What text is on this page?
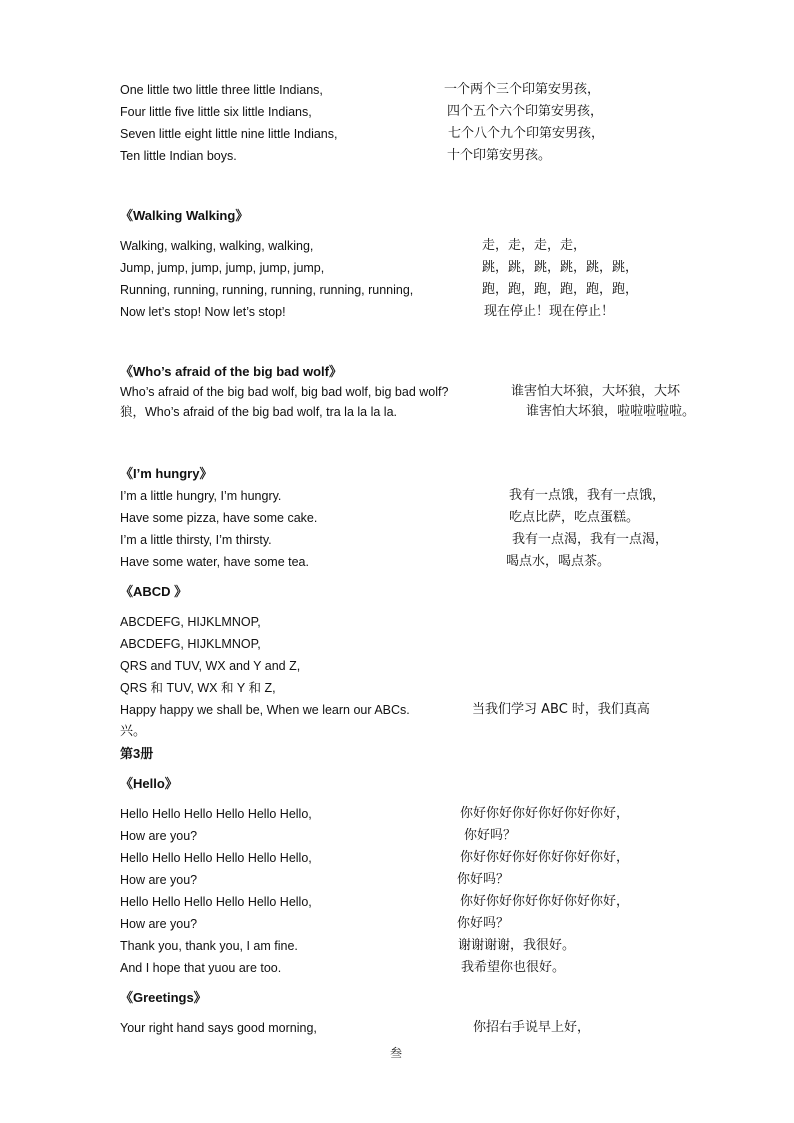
One little two little three little Indians,	一个两个三个印第安男孩，
Four little five little six little Indians,	四个五个六个印第安男孩，
Seven little eight little nine little Indians,	七个八个九个印第安男孩，
Ten little Indian boys.	十个印第安男孩。
《Walking Walking》
Walking, walking, walking, walking,	走，走，走，走，
Jump, jump, jump, jump, jump, jump,	跳，跳，跳，跳，跳，跳，
Running, running, running, running, running, running,	跑，跑，跑，跑，跑，跑，
Now let’s stop! Now let’s stop!	现在停止！现在停止！
《Who’s afraid of the big bad wolf》
Who’s afraid of the big bad wolf, big bad wolf, big bad wolf?	谁害怕大坏狼，大坏狼，大坏
狼，Who’s afraid of the big bad wolf, tra la la la la.	谁害怕大坏狼，啦啦啦啦啦。
《I’m hungry》
I’m a little hungry, I’m hungry.	我有一点饿，我有一点饿，
Have some pizza, have some cake.	吃点比萨，吃点蛋糕。
I’m a little thirsty, I’m thirsty.	我有一点渴，我有一点渴，
Have some water, have some tea.	喝点水，喝点茶。
《ABCD 》
ABCDEFG, HIJKLMNOP,
ABCDEFG, HIJKLMNOP,
QRS and TUV, WX and Y and Z,
QRS 和 TUV, WX 和 Y 和 Z,
Happy happy we shall be, When we learn our ABCs.	当我们学习 ABC 时，我们真高
兴。
第3册
《Hello》
Hello Hello Hello Hello Hello Hello,	你好你好你好你好你好你好，
How are you?	你好吗？
Hello Hello Hello Hello Hello Hello,	你好你好你好你好你好你好，
How are you?	你好吗？
Hello Hello Hello Hello Hello Hello,	你好你好你好你好你好你好，
How are you?	你好吗？
Thank you, thank you, I am fine.	谢谢谢谢，我很好。
And I hope that yuou are too.	我希望你也很好。
《Greetings》
Your right hand says good morning,	你招右手说早上好，
叁
